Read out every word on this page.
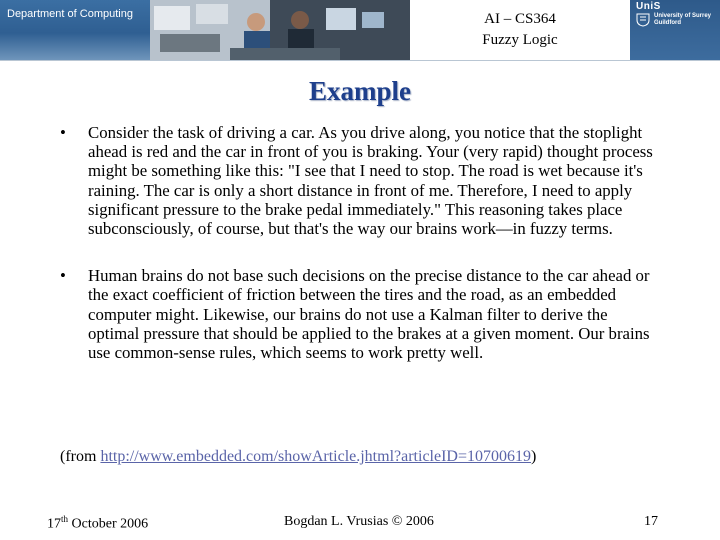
Department of Computing	AI – CS364
Fuzzy Logic
UniS
University of Surrey
Guildford
Example
• Consider the task of driving a car. As you drive along, you notice that the stoplight ahead is red and the car in front of you is braking. Your (very rapid) thought process might be something like this: "I see that I need to stop. The road is wet because it's raining. The car is only a short distance in front of me. Therefore, I need to apply significant pressure to the brake pedal immediately." This reasoning takes place subconsciously, of course, but that's the way our brains work—in fuzzy terms.
• Human brains do not base such decisions on the precise distance to the car ahead or the exact coefficient of friction between the tires and the road, as an embedded computer might. Likewise, our brains do not use a Kalman filter to derive the optimal pressure that should be applied to the brakes at a given moment. Our brains use common-sense rules, which seems to work pretty well.
(from http://www.embedded.com/showArticle.jhtml?articleID=10700619)
17th October 2006	Bogdan L. Vrusias © 2006	17
